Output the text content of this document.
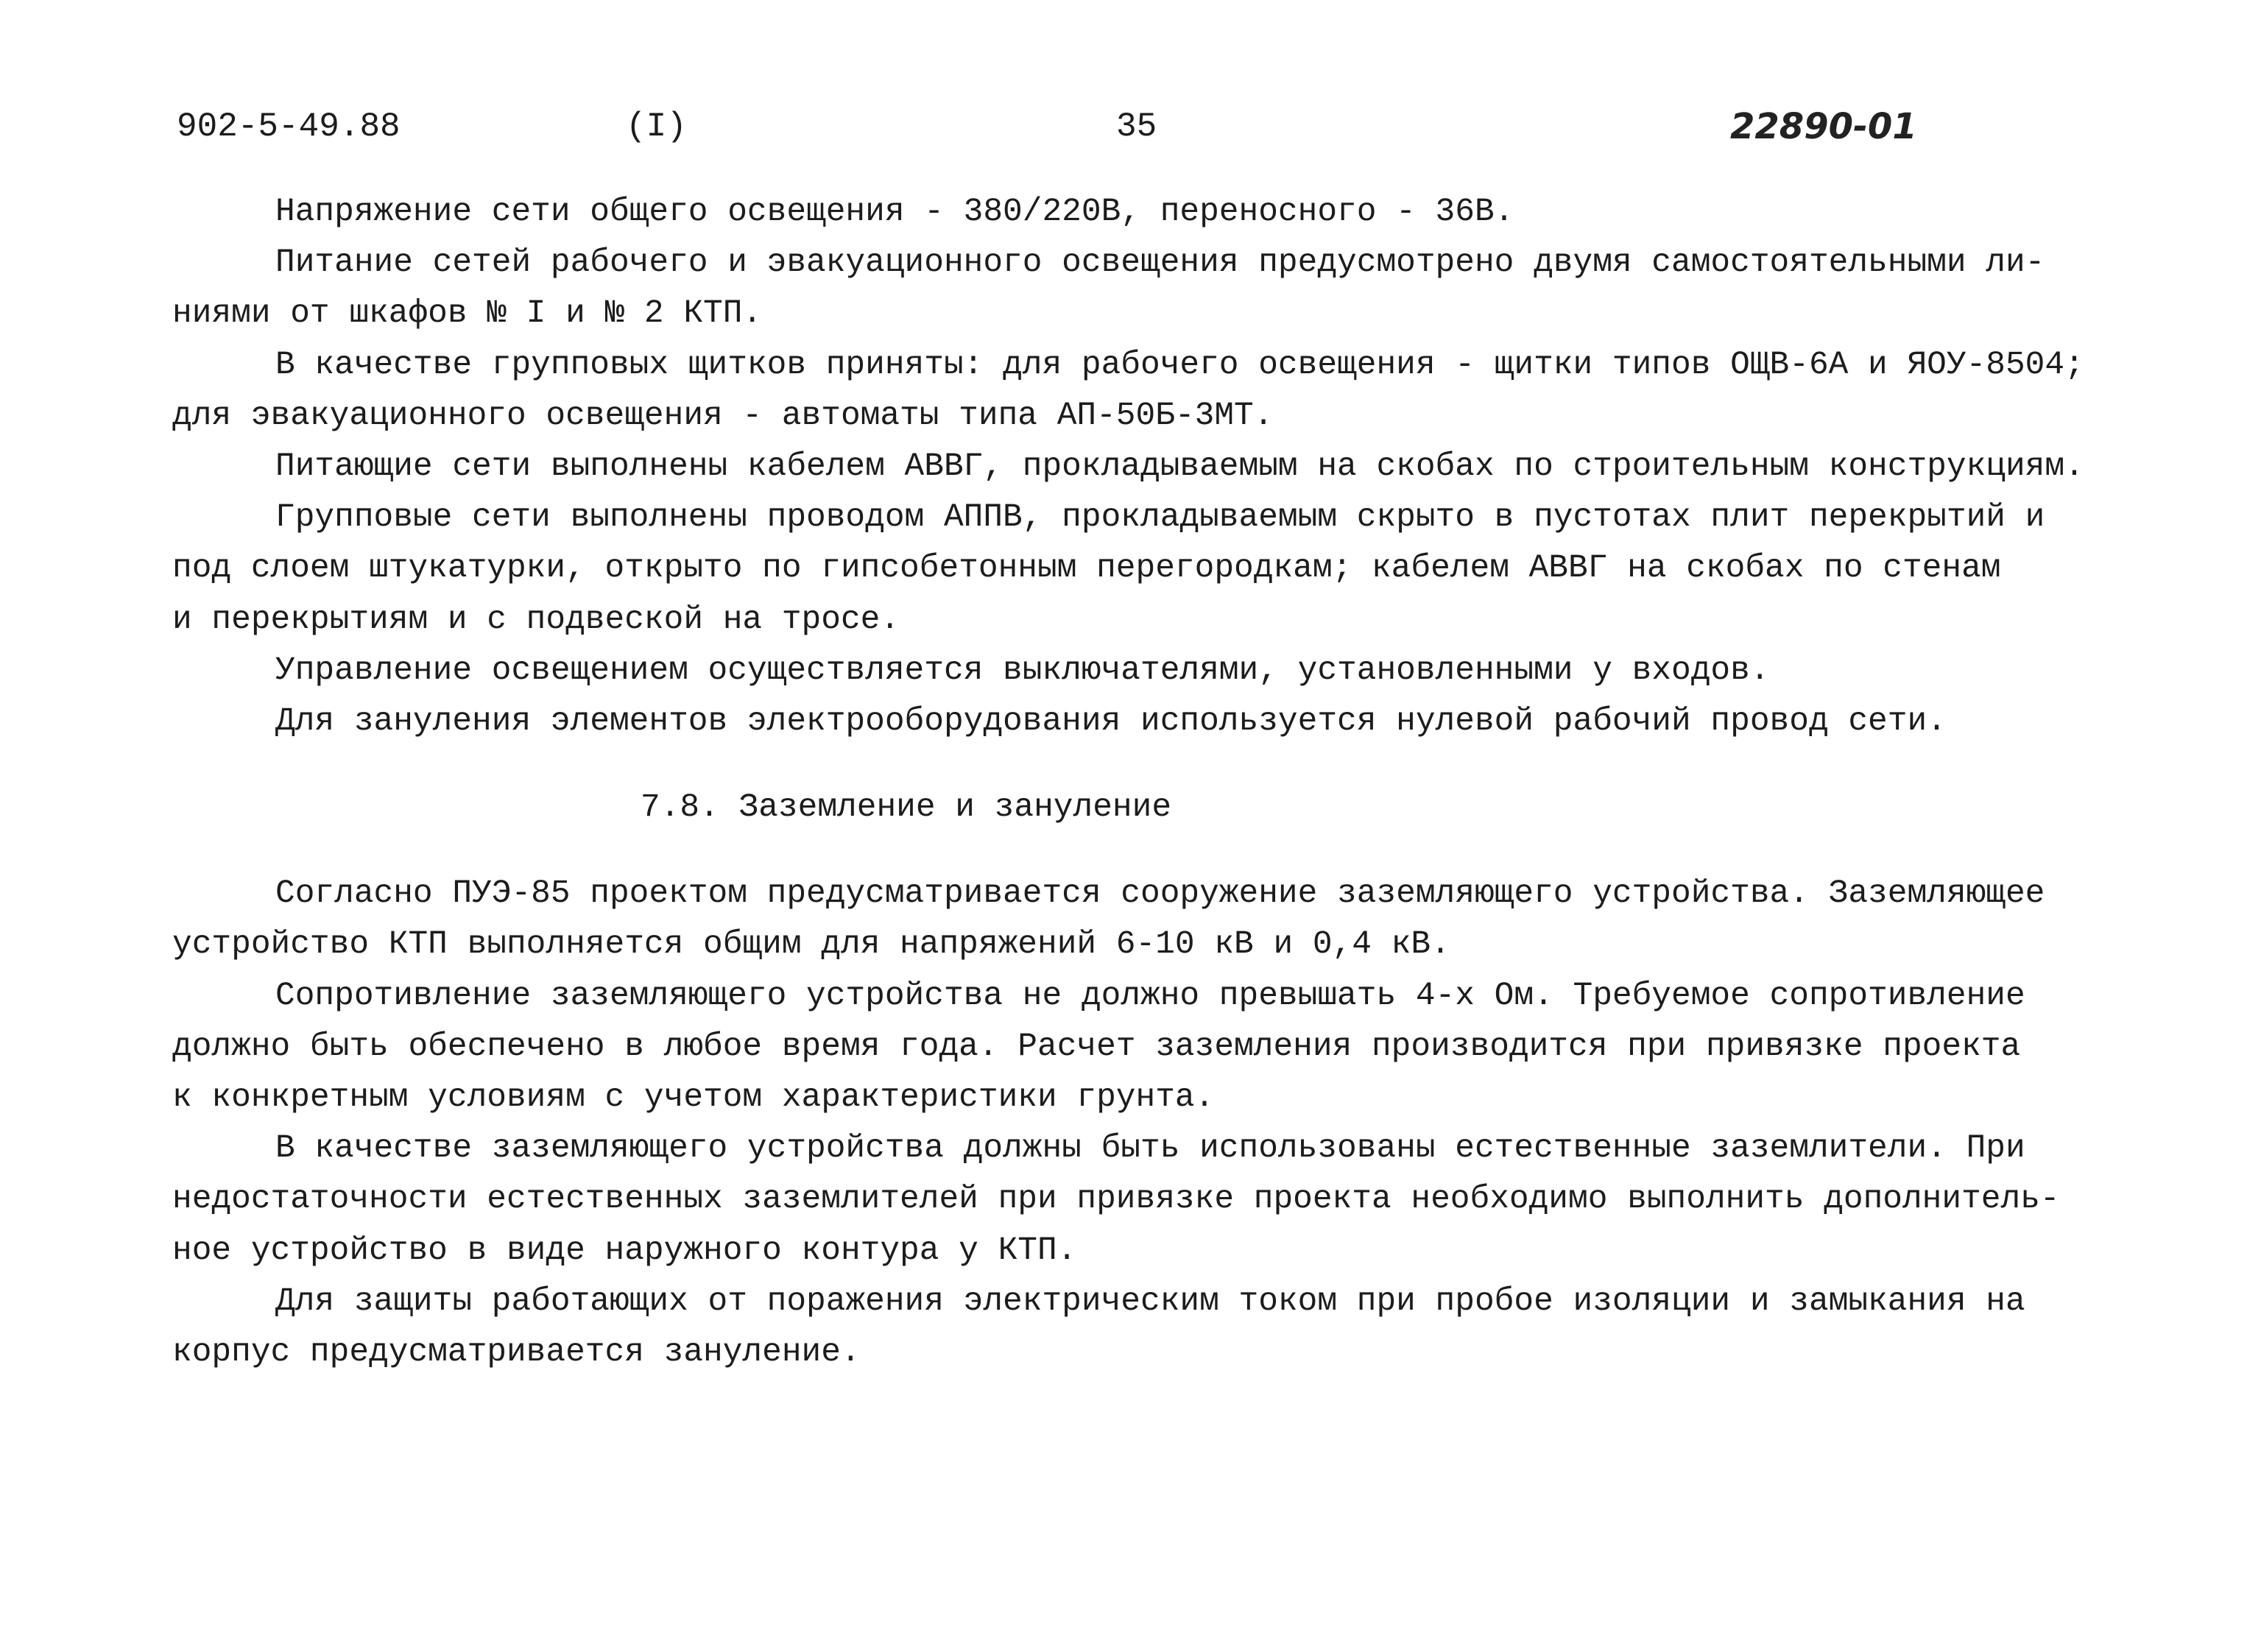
902-5-49.88	(I)	35	22890-01
Напряжение сети общего освещения - 380/220В, переносного - 36В.
Питание сетей рабочего и эвакуационного освещения предусмотрено двумя самостоятельными ли-
ниями от шкафов № I и № 2 КТП.
В качестве групповых щитков приняты: для рабочего освещения - щитки типов ОЩВ-6А и ЯОУ-8504;
для эвакуационного освещения - автоматы типа АП-50Б-3МТ.
Питающие сети выполнены кабелем АВВГ, прокладываемым на скобах по строительным конструкциям.
Групповые сети выполнены проводом АППВ, прокладываемым скрыто в пустотах плит перекрытий и
под слоем штукатурки, открыто по гипсобетонным перегородкам; кабелем АВВГ на скобах по стенам
и перекрытиям и с подвеской на тросе.
Управление освещением осуществляется выключателями, установленными у входов.
Для зануления элементов электрооборудования используется нулевой рабочий провод сети.
7.8. Заземление и зануление
Согласно ПУЭ-85 проектом предусматривается сооружение заземляющего устройства. Заземляющее
устройство КТП выполняется общим для напряжений 6-10 кВ и 0,4 кВ.
Сопротивление заземляющего устройства не должно превышать 4-х Ом. Требуемое сопротивление
должно быть обеспечено в любое время года. Расчет заземления производится при привязке проекта
к конкретным условиям с учетом характеристики грунта.
В качестве заземляющего устройства должны быть использованы естественные заземлители. При
недостаточности естественных заземлителей при привязке проекта необходимо выполнить дополнитель-
ное устройство в виде наружного контура у КТП.
Для защиты работающих от поражения электрическим током при пробое изоляции и замыкания на
корпус предусматривается зануление.
